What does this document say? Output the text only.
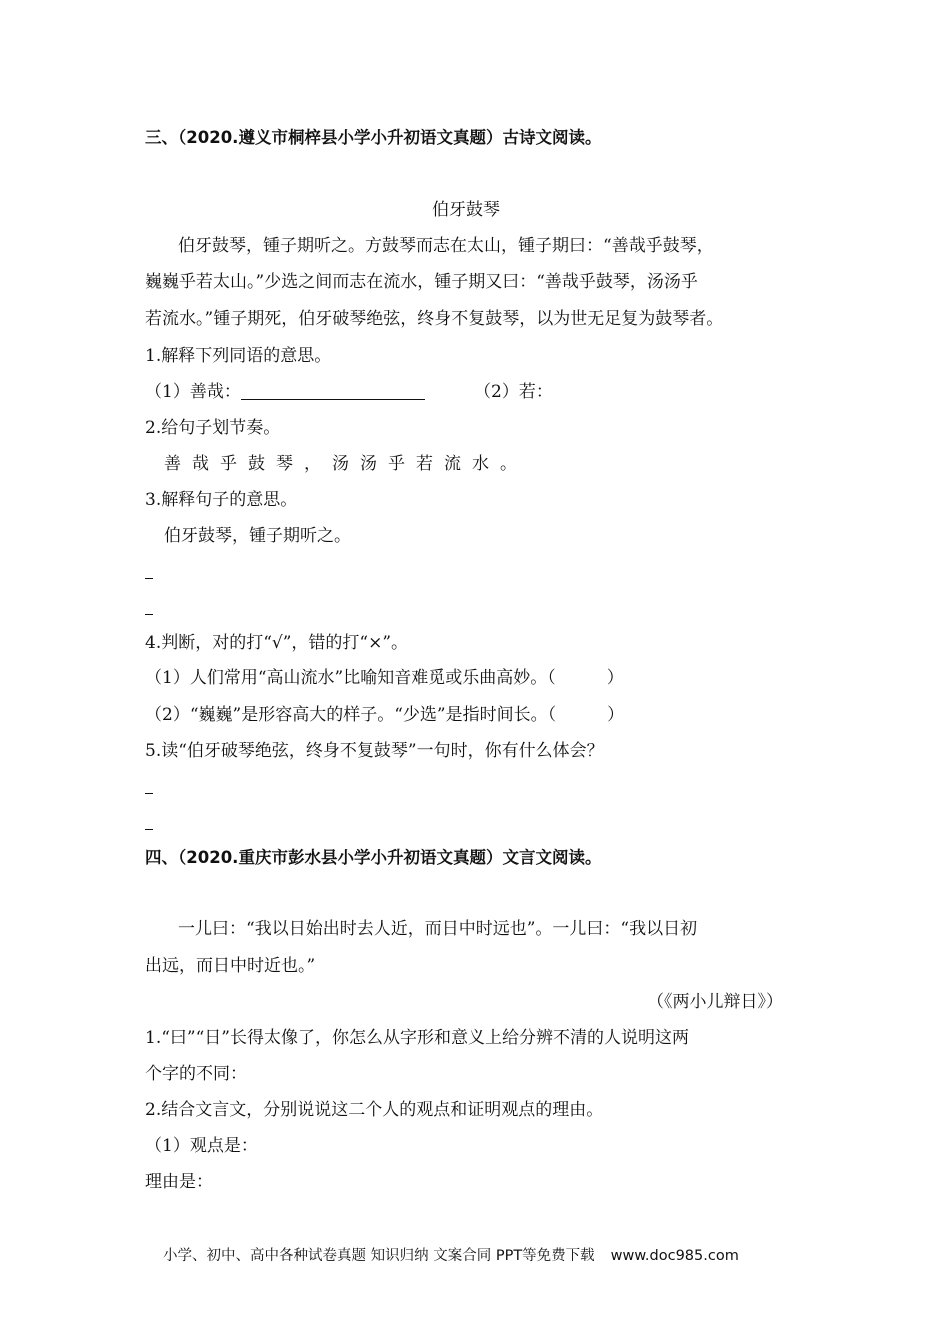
三、（2020.遵义市桐梓县小学小升初语文真题）古诗文阅读。
伯牙鼓琴
伯牙鼓琴，锺子期听之。方鼓琴而志在太山，锺子期曰：“善哉乎鼓琴，
巍巍乎若太山。”少选之间而志在流水，锺子期又曰：“善哉乎鼓琴，汤汤乎
若流水。”锺子期死，伯牙破琴绝弦，终身不复鼓琴，以为世无足复为鼓琴者。
1.解释下列同语的意思。
（1）善哉：	（2）若：
2.给句子划节奏。
善哉乎鼓琴，汤汤乎若流水。
3.解释句子的意思。
伯牙鼓琴，锺子期听之。
4.判断，对的打“√”，错的打“×”。
（1）人们常用“高山流水”比喻知音难觅或乐曲高妙。（　　　）
（2）“巍巍”是形容高大的样子。“少选”是指时间长。（　　　）
5.读“伯牙破琴绝弦，终身不复鼓琴”一句时，你有什么体会？
四、（2020.重庆市彭水县小学小升初语文真题）文言文阅读。
一儿曰：“我以日始出时去人近，而日中时远也”。一儿曰：“我以日初
出远，而日中时近也。”
（《两小儿辩日》）
1.“曰”“日”长得太像了，你怎么从字形和意义上给分辨不清的人说明这两
个字的不同：
2.结合文言文，分别说说这二个人的观点和证明观点的理由。
（1）观点是：
理由是：
小学、初中、高中各种试卷真题 知识归纳 文案合同 PPT等免费下载 www.doc985.com
